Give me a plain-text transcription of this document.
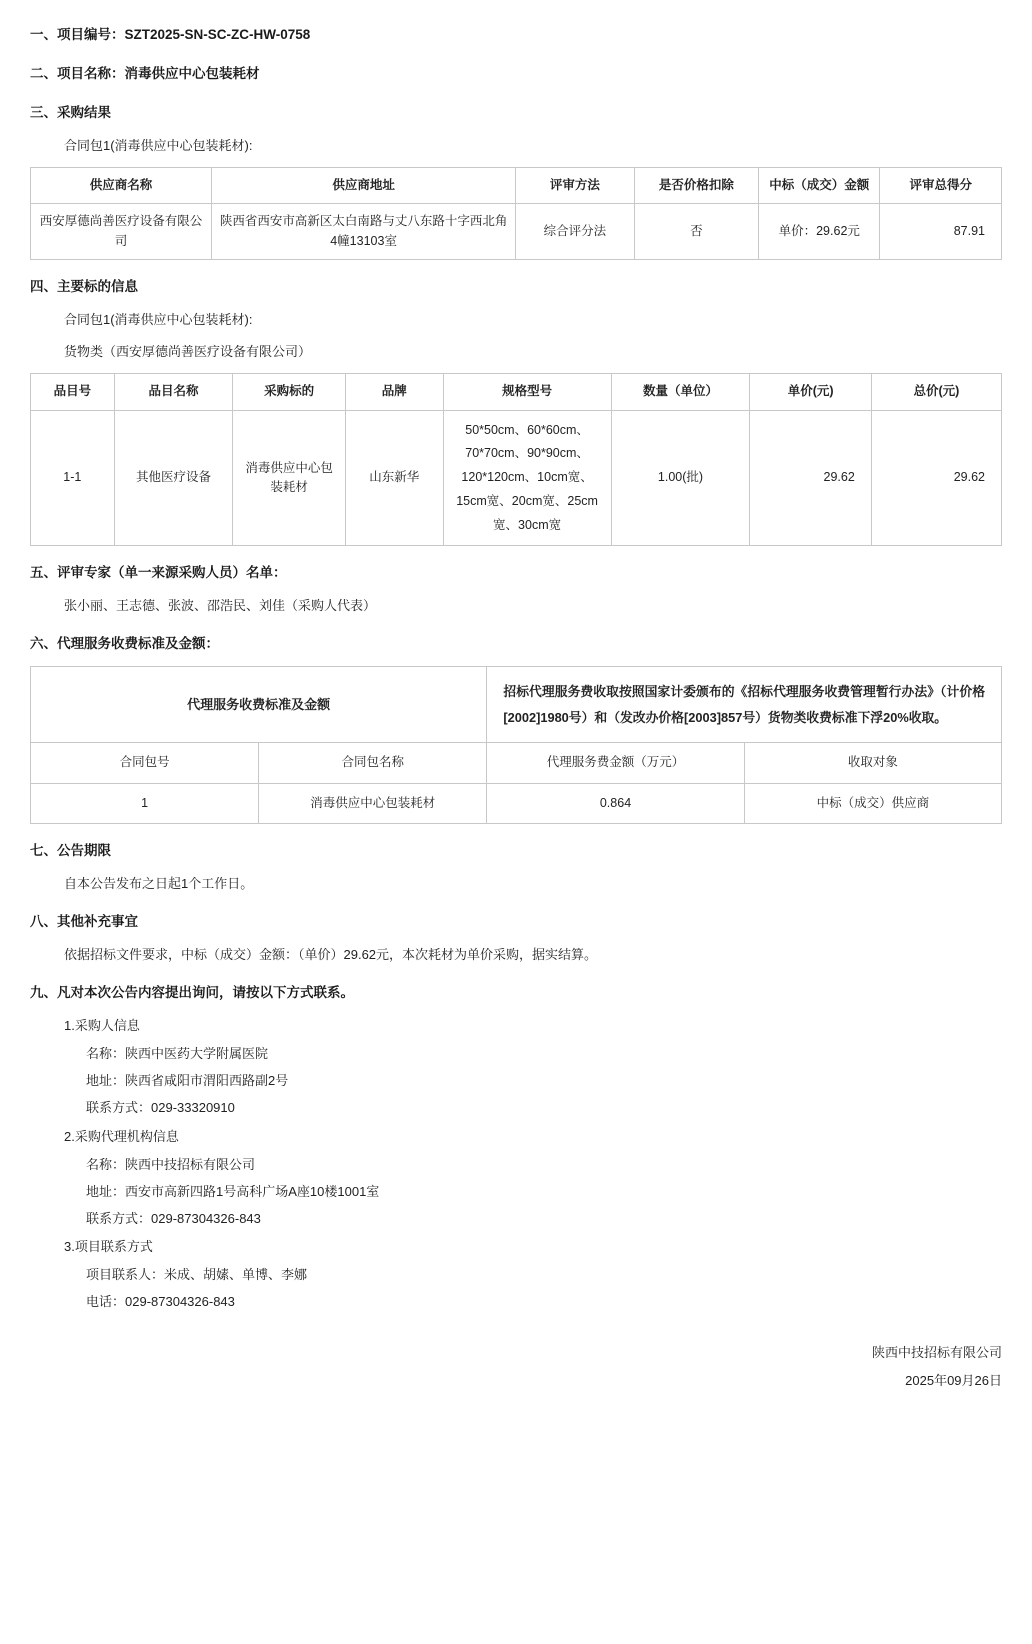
一、项目编号：SZT2025-SN-SC-ZC-HW-0758
二、项目名称：消毒供应中心包装耗材
三、采购结果
合同包1(消毒供应中心包装耗材):
供应商名称	供应商地址	评审方法	是否价格扣除	中标（成交）金额	评审总得分
西安厚德尚善医疗设备有限公司	陕西省西安市高新区太白南路与丈八东路十字西北角4幢13103室	综合评分法	否	单价：29.62元	87.91
四、主要标的信息
合同包1(消毒供应中心包装耗材):
货物类（西安厚德尚善医疗设备有限公司）
品目号	品目名称	采购标的	品牌	规格型号	数量（单位）	单价(元)	总价(元)
1-1	其他医疗设备	消毒供应中心包装耗材	山东新华	50*50cm、60*60cm、70*70cm、90*90cm、120*120cm、10cm宽、15cm宽、20cm宽、25cm宽、30cm宽	1.00(批)	29.62	29.62
五、评审专家（单一来源采购人员）名单：
张小丽、王志德、张波、邵浩民、刘佳（采购人代表）
六、代理服务收费标准及金额：
代理服务收费标准及金额		招标代理服务费收取按照国家计委颁布的《招标代理服务收费管理暂行办法》（计价格[2002]1980号）和（发改办价格[2003]857号）货物类收费标准下浮20%收取。	
合同包号	合同包名称	代理服务费金额（万元）	收取对象
1	消毒供应中心包装耗材	0.864	中标（成交）供应商
七、公告期限
自本公告发布之日起1个工作日。
八、其他补充事宜
依据招标文件要求，中标（成交）金额：（单价）29.62元，本次耗材为单价采购，据实结算。
九、凡对本次公告内容提出询问，请按以下方式联系。
1.采购人信息
名称：陕西中医药大学附属医院
地址：陕西省咸阳市渭阳西路副2号
联系方式：029-33320910
2.采购代理机构信息
名称：陕西中技招标有限公司
地址：西安市高新四路1号高科广场A座10楼1001室
联系方式：029-87304326-843
3.项目联系方式
项目联系人：米成、胡嫊、单博、李娜
电话：029-87304326-843
陕西中技招标有限公司
2025年09月26日
